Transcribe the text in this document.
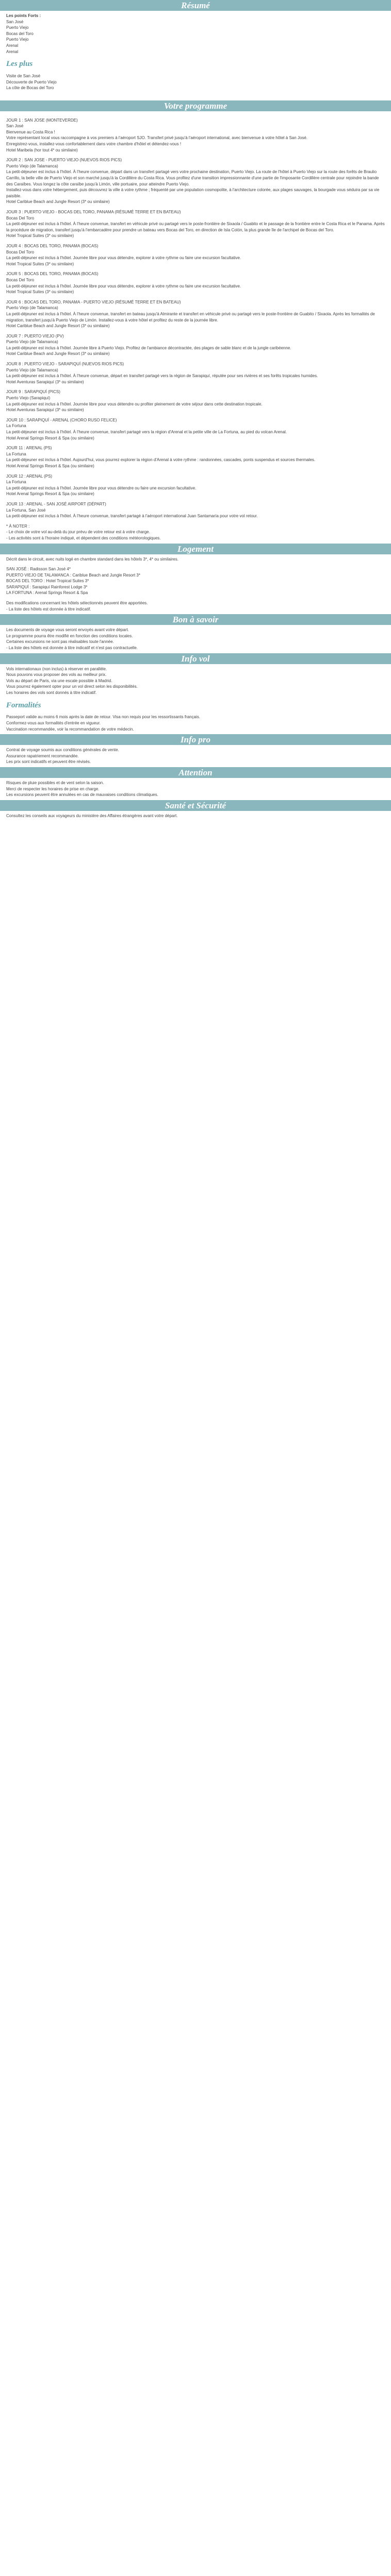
Résumé

Les points Forts :

San José

Puerto Viejo

Bocas del Toro

Puerto Viejo

Arenal

Arenal

Les plus

Visite de San José

Découverte de Puerto Viejo

La côte de Bocas del Toro

Votre programme

JOUR 1 : SAN JOSE (MONTEVERDE)

San José

Bienvenue au Costa Rica !

Votre représentant local vous raccompagne à vos premiers à l'aéroport SJO. Transfert privé jusqu'à l'aéroport international, avec bienvenue à votre hôtel à San José.

Enregistrez-vous, installez-vous confortablement dans votre chambre d'hôtel et détendez-vous !

Hotel Maribela (hor tout 4* ou similaire)

JOUR 2 : SAN JOSE - PUERTO VIEJO (NUEVOS RIOS PICS)

Puerto Viejo (de Talamanca)

La petit-déjeuner est inclus à l'hôtel. À l'heure convenue, départ dans un transfert partagé vers votre prochaine destination, Puerto Viejo. La route de l'hôtel à Puerto Viejo sur la route des forêts de Braulio Carrillo, la belle ville de Puerto Viejo et son marché jusqu'à la Cordillère du Costa Rica. Vous profitez d'une transition impressionnante d'une partie de l'imposante Cordillère centrale pour rejoindre la bande des Caraïbes. Vous longez la côte caraïbe jusqu'à Limón, ville portuaire, pour atteindre Puerto Viejo.

Installez-vous dans votre hébergement, puis découvrez la ville à votre rythme ; fréquenté par une population cosmopolite, à l'architecture colorée, aux plages sauvages, la bourgade vous séduira par sa vie paisible.

Hotel Cariblue Beach and Jungle Resort (3* ou similaire)

JOUR 3 : PUERTO VIEJO - BOCAS DEL TORO, PANAMA (RÉSUMÉ TERRE ET EN BATEAU)

Bocas Del Toro

La petit-déjeuner est inclus à l'hôtel. À l'heure convenue, transfert en véhicule privé ou partagé vers le poste-frontière de Sixaola / Guabito et le passage de la frontière entre le Costa Rica et le Panama. Après la procédure de migration, transfert jusqu'à l'embarcadère pour prendre un bateau vers Bocas del Toro, en direction de Isla Colón, la plus grande île de l'archipel de Bocas del Toro.

Hotel Tropical Suites (3* ou similaire)

JOUR 4 : BOCAS DEL TORO, PANAMA (BOCAS)

Bocas Del Toro

La petit-déjeuner est inclus à l'hôtel. Journée libre pour vous détendre, explorer à votre rythme ou faire une excursion facultative.

Hotel Tropical Suites (3* ou similaire)

JOUR 5 : BOCAS DEL TORO, PANAMA (BOCAS)

Bocas Del Toro

La petit-déjeuner est inclus à l'hôtel. Journée libre pour vous détendre, explorer à votre rythme ou faire une excursion facultative.

Hotel Tropical Suites (3* ou similaire)

JOUR 6 : BOCAS DEL TORO, PANAMA - PUERTO VIEJO (RÉSUMÉ TERRE ET EN BATEAU)

Puerto Viejo (de Talamanca)

La petit-déjeuner est inclus à l'hôtel. À l'heure convenue, transfert en bateau jusqu'à Almirante et transfert en véhicule privé ou partagé vers le poste-frontière de Guabito / Sixaola. Après les formalités de migration, transfert jusqu'à Puerto Viejo de Limón. Installez-vous à votre hôtel et profitez du reste de la journée libre.

Hotel Cariblue Beach and Jungle Resort (3* ou similaire)

JOUR 7 : PUERTO VIEJO (PV)

Puerto Viejo (de Talamanca)

La petit-déjeuner est inclus à l'hôtel. Journée libre à Puerto Viejo. Profitez de l'ambiance décontractée, des plages de sable blanc et de la jungle caribéenne.

Hotel Cariblue Beach and Jungle Resort (3* ou similaire)

JOUR 8 : PUERTO VIEJO - SARAPIQUÍ (NUEVOS RIOS PICS)

Puerto Viejo (de Talamanca)

La petit-déjeuner est inclus à l'hôtel. À l'heure convenue, départ en transfert partagé vers la région de Sarapiquí, réputée pour ses rivières et ses forêts tropicales humides.

Hotel Aventuras Sarapiquí (3* ou similaire)

JOUR 9 : SARAPIQUÍ (PICS)

Puerto Viejo (Sarapiquí)

La petit-déjeuner est inclus à l'hôtel. Journée libre pour vous détendre ou profiter pleinement de votre séjour dans cette destination tropicale.

Hotel Aventuras Sarapiquí (3* ou similaire)

JOUR 10 : SARAPIQUÍ - ARENAL (CHORO RUSO FELICE)

La Fortuna

La petit-déjeuner est inclus à l'hôtel. À l'heure convenue, transfert partagé vers la région d'Arenal et la petite ville de La Fortuna, au pied du volcan Arenal.

Hotel Arenal Springs Resort & Spa (ou similaire)

JOUR 11 : ARENAL (PS)

La Fortuna

La petit-déjeuner est inclus à l'hôtel. Aujourd'hui, vous pourrez explorer la région d'Arenal à votre rythme : randonnées, cascades, ponts suspendus et sources thermales.

Hotel Arenal Springs Resort & Spa (ou similaire)

JOUR 12 : ARENAL (PS)

La Fortuna

La petit-déjeuner est inclus à l'hôtel. Journée libre pour vous détendre ou faire une excursion facultative.

Hotel Arenal Springs Resort & Spa (ou similaire)

JOUR 13 : ARENAL - SAN JOSÉ AIRPORT (DÉPART)

La Fortuna, San José

La petit-déjeuner est inclus à l'hôtel. À l'heure convenue, transfert partagé à l'aéroport international Juan Santamaría pour votre vol retour.

* À NOTER :

- Le choix de votre vol au-delà du jour prévu de votre retour est à votre charge.

- Les activités sont à l'horaire indiqué, et dépendent des conditions météorologiques.

Logement

Décrit dans le circuit, avec nuits logé en chambre standard dans les hôtels 3*, 4* ou similaires.

SAN JOSÉ : Radisson San José 4*

PUERTO VIEJO DE TALAMANCA : Cariblue Beach and Jungle Resort 3*

BOCAS DEL TORO : Hotel Tropical Suites 3*

SARAPIQUÍ : Sarapiquí Rainforest Lodge 3*

LA FORTUNA : Arenal Springs Resort & Spa

Des modifications concernant les hôtels sélectionnés peuvent être apportées.

- La liste des hôtels est donnée à titre indicatif.

Bon à savoir

Les documents de voyage vous seront envoyés avant votre départ.

Le programme pourra être modifié en fonction des conditions locales.

Certaines excursions ne sont pas réalisables toute l'année.

- La liste des hôtels est donnée à titre indicatif et n'est pas contractuelle.

Info vol

Vols internationaux (non inclus) à réserver en parallèle.

Nous pouvons vous proposer des vols au meilleur prix.

Vols au départ de Paris, via une escale possible à Madrid.

Vous pourrez également opter pour un vol direct selon les disponibilités.

Les horaires des vols sont donnés à titre indicatif.

Formalités

Passeport valide au moins 6 mois après la date de retour. Visa non requis pour les ressortissants français.

Conformez-vous aux formalités d'entrée en vigueur.

Vaccination recommandée, voir la recommandation de votre médecin.

Info pro

Contrat de voyage soumis aux conditions générales de vente.

Assurance rapatriement recommandée.

Les prix sont indicatifs et peuvent être révisés.

Attention

Risques de pluie possibles et de vent selon la saison.

Merci de respecter les horaires de prise en charge.

Les excursions peuvent être annulées en cas de mauvaises conditions climatiques.

Santé et Sécurité

Consultez les conseils aux voyageurs du ministère des Affaires étrangères avant votre départ.
